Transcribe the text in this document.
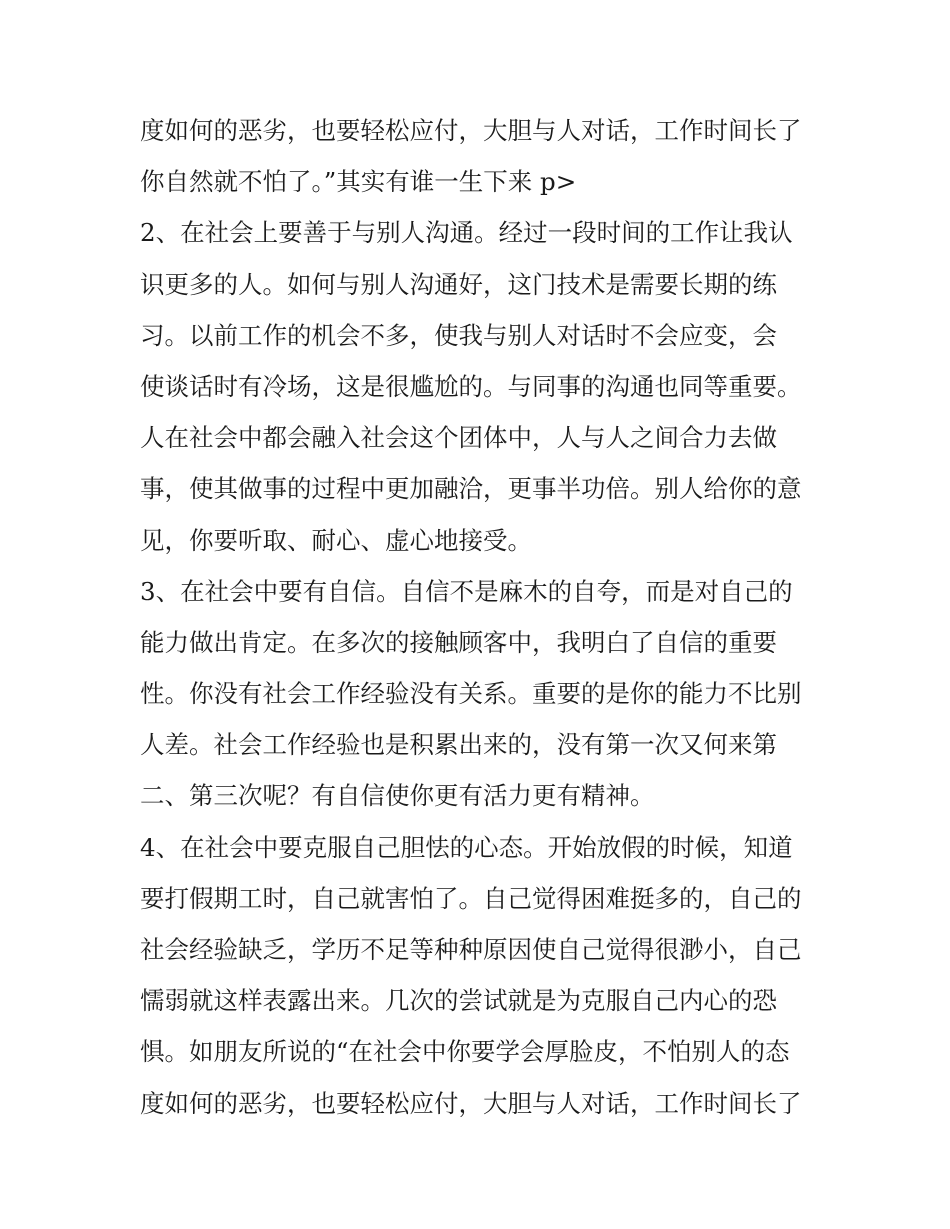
度如何的恶劣，也要轻松应付，大胆与人对话，工作时间长了
你自然就不怕了。”其实有谁一生下来 p>
2、在社会上要善于与别人沟通。经过一段时间的工作让我认
识更多的人。如何与别人沟通好，这门技术是需要长期的练
习。以前工作的机会不多，使我与别人对话时不会应变，会
使谈话时有冷场，这是很尴尬的。与同事的沟通也同等重要。
人在社会中都会融入社会这个团体中，人与人之间合力去做
事，使其做事的过程中更加融洽，更事半功倍。别人给你的意
见，你要听取、耐心、虚心地接受。
3、在社会中要有自信。自信不是麻木的自夸，而是对自己的
能力做出肯定。在多次的接触顾客中，我明白了自信的重要
性。你没有社会工作经验没有关系。重要的是你的能力不比别
人差。社会工作经验也是积累出来的，没有第一次又何来第
二、第三次呢？有自信使你更有活力更有精神。
4、在社会中要克服自己胆怯的心态。开始放假的时候，知道
要打假期工时，自己就害怕了。自己觉得困难挺多的，自己的
社会经验缺乏，学历不足等种种原因使自己觉得很渺小，自己
懦弱就这样表露出来。几次的尝试就是为克服自己内心的恐
惧。如朋友所说的“在社会中你要学会厚脸皮，不怕别人的态
度如何的恶劣，也要轻松应付，大胆与人对话，工作时间长了
